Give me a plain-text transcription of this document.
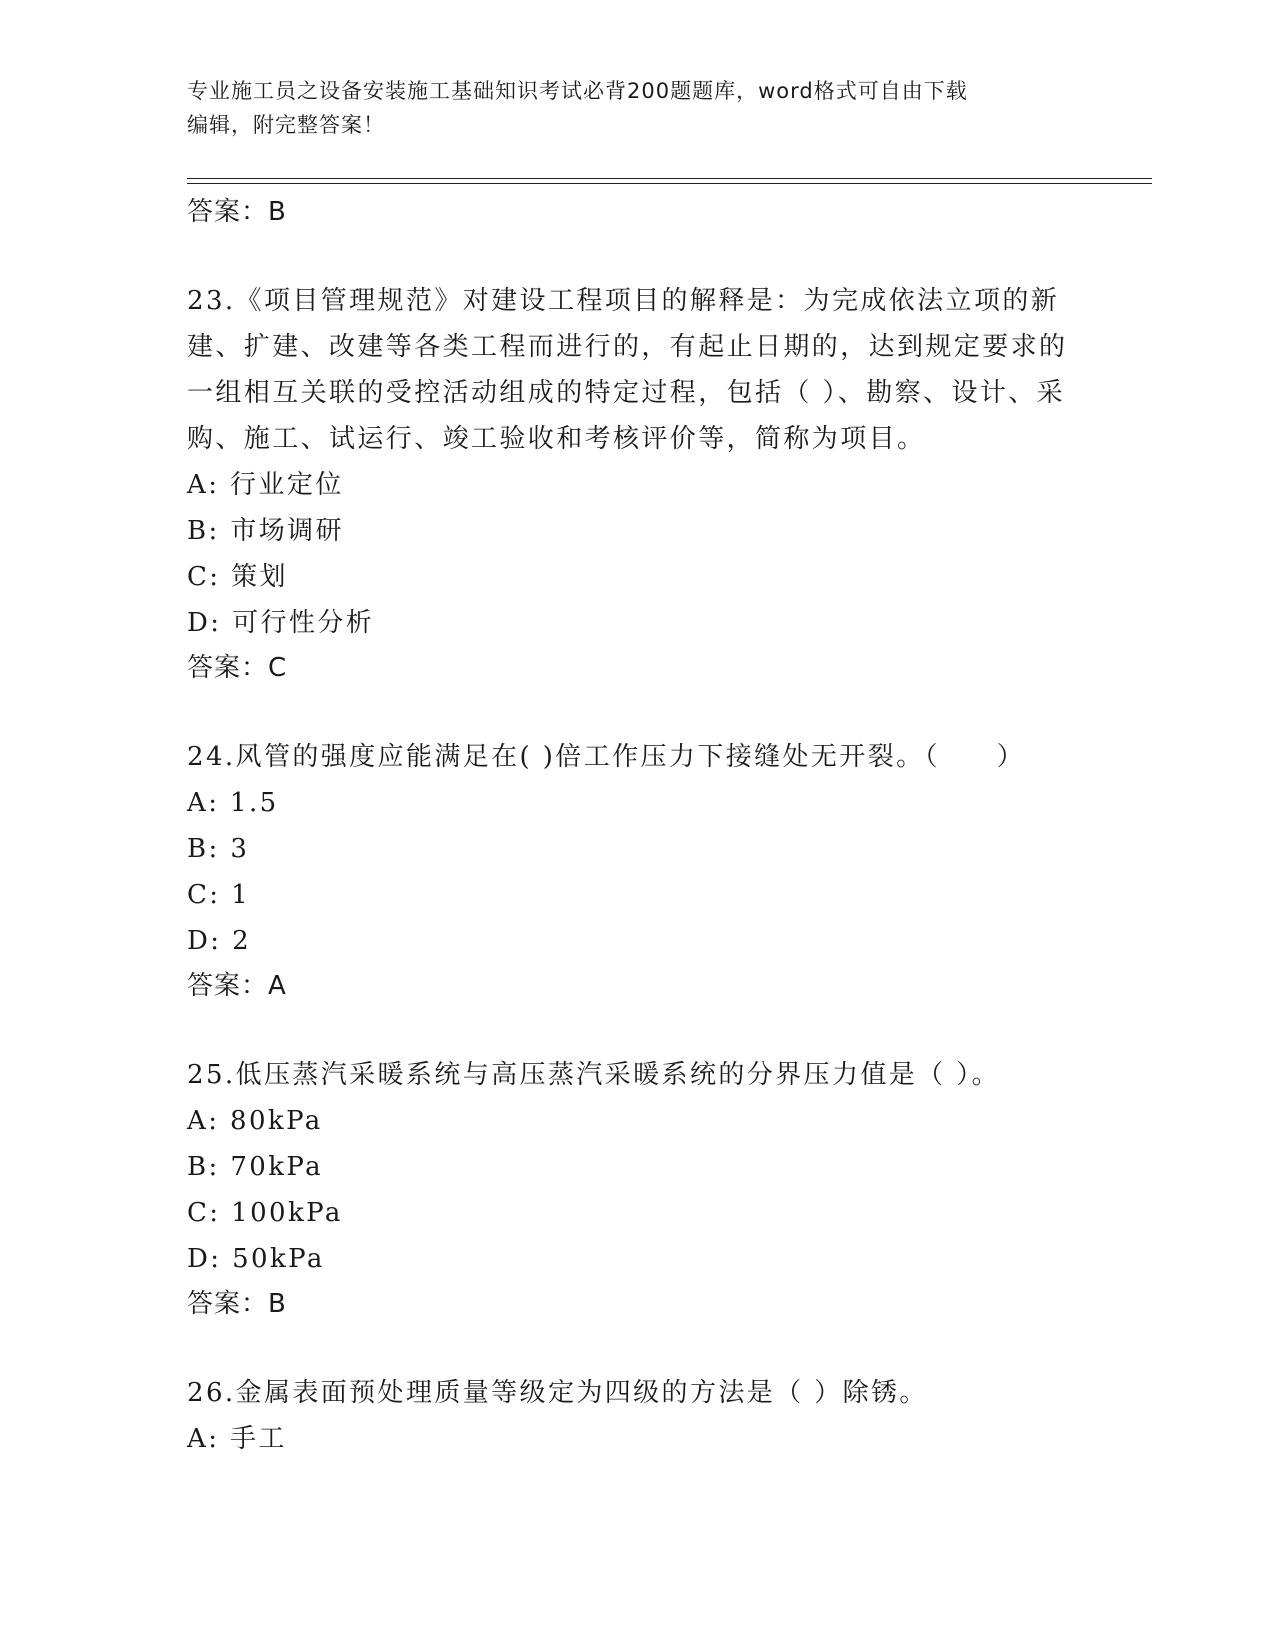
专业施工员之设备安装施工基础知识考试必背200题题库，word格式可自由下载
编辑，附完整答案！
答案：B
23.《项目管理规范》对建设工程项目的解释是：为完成依法立项的新建、扩建、改建等各类工程而进行的，有起止日期的，达到规定要求的一组相互关联的受控活动组成的特定过程，包括（ ）、勘察、设计、采购、施工、试运行、竣工验收和考核评价等，简称为项目。
A: 行业定位
B: 市场调研
C: 策划
D: 可行性分析
答案：C
24.风管的强度应能满足在( )倍工作压力下接缝处无开裂。（　　）
A: 1.5
B: 3
C: 1
D: 2
答案：A
25.低压蒸汽采暖系统与高压蒸汽采暖系统的分界压力值是（ ）。
A: 80kPa
B: 70kPa
C: 100kPa
D: 50kPa
答案：B
26.金属表面预处理质量等级定为四级的方法是（ ）除锈。
A: 手工
